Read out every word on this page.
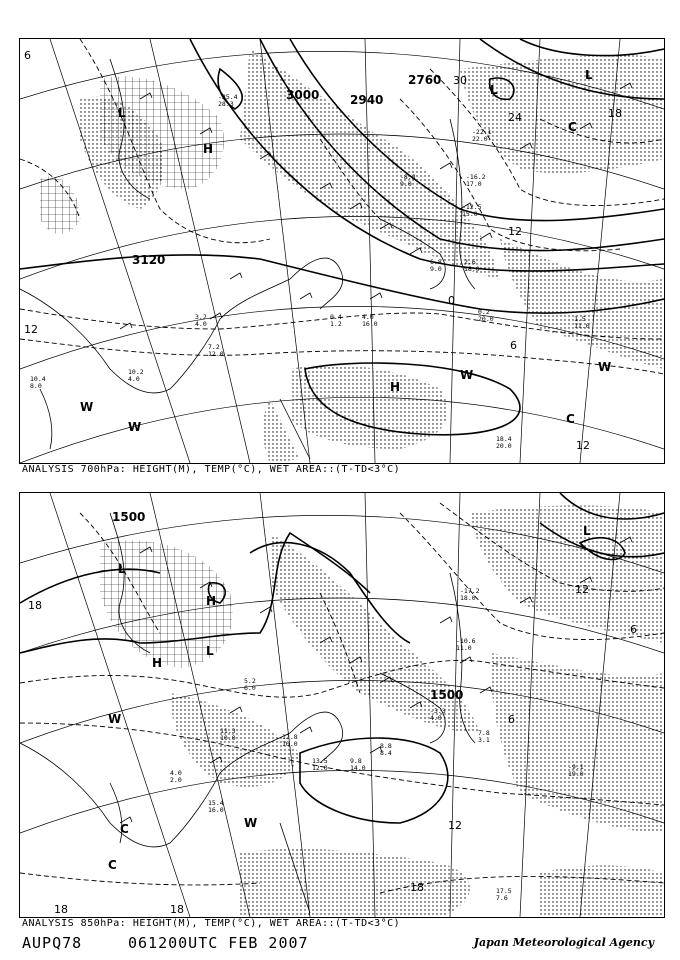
3000	2940
2760
3120
30
24	18
12
6
0
12
12
6
L
H
L
L
H
W
W
W
W
C
C
-25.4
28.3
3.2
4.0
7.2
12.0
10.2
4.0
10.4
8.0
18.4
20.0
0.4
1.2
4.0
16.0
1.5
11.0
0.2
20.0
6.8
9.0
2.6
18.0
-22.1
22.0
-16.2
17.0
-12.5
15.0
-8.3
9.0
ANALYSIS 700hPa: HEIGHT(M), TEMP(°C), WET AREA::(T-TD<3°C)
1500
1500
18
6
12
6
12
18	18
18
L
H
L
H
L
W
W
C
C
15.4
16.0
13.5
12.0
9.8
14.0
8.8
8.4
7.8
3.1
12.8
10.0
4.0
2.0
17.5
7.6
-9.1
19.0
-3.3
4.0
11.3
10.0
5.2
6.0
-17.2
18.0
-10.6
11.0
ANALYSIS 850hPa: HEIGHT(M), TEMP(°C), WET AREA::(T-TD<3°C)
AUPQ78	061200UTC FEB 2007	Japan Meteorological Agency
